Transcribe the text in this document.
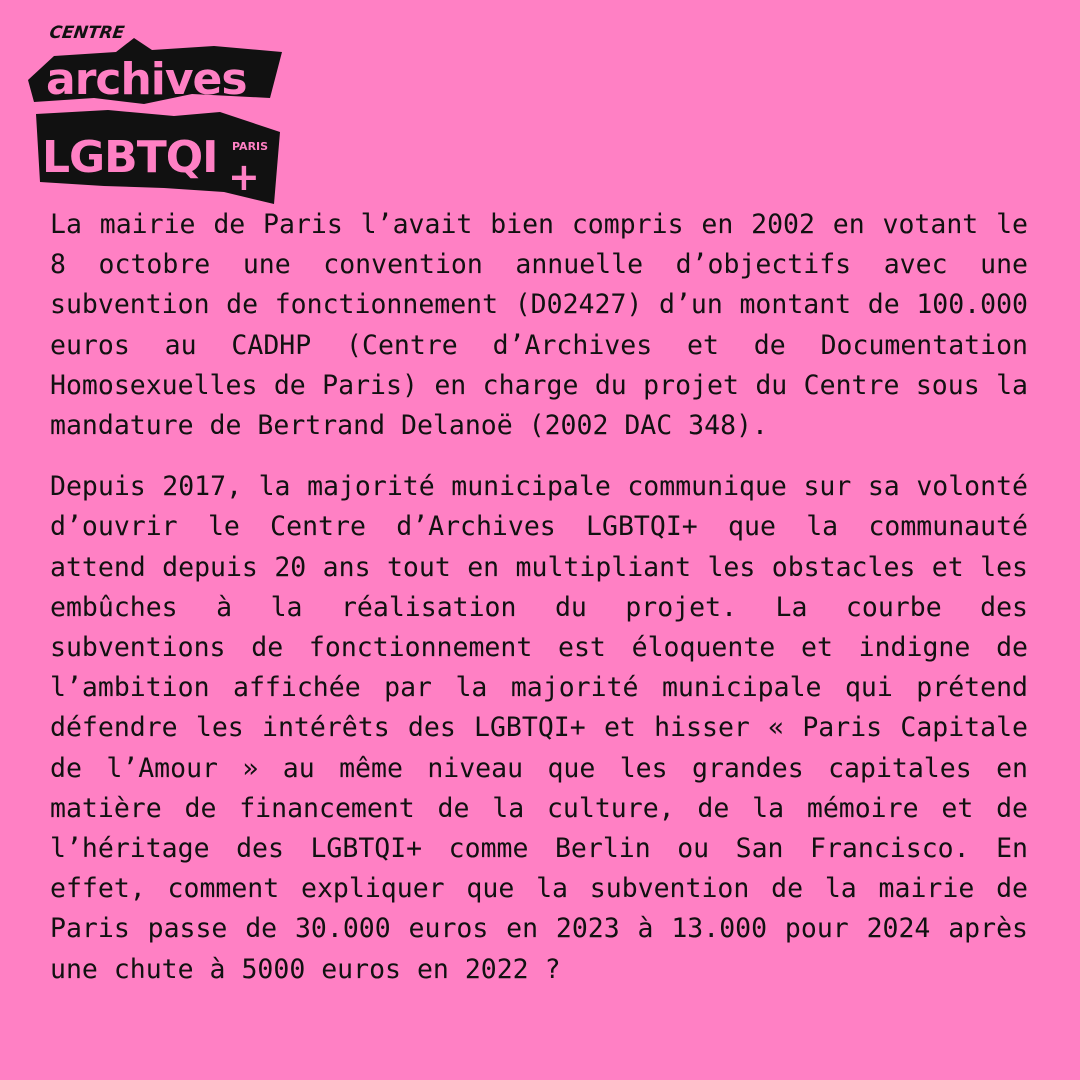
CENTRE
archives
LGBTQI PARIS
+

La mairie de Paris l’avait bien compris en 2002 en votant le 8 octobre une convention annuelle d’objectifs avec une subvention de fonctionnement (D02427) d’un montant de 100.000 euros au CADHP (Centre d’Archives et de Documentation Homosexuelles de Paris) en charge du projet du Centre sous la mandature de Bertrand Delanoë (2002 DAC 348).

Depuis 2017, la majorité municipale communique sur sa volonté d’ouvrir le Centre d’Archives LGBTQI+ que la communauté attend depuis 20 ans tout en multipliant les obstacles et les embûches à la réalisation du projet. La courbe des subventions de fonctionnement est éloquente et indigne de l’ambition affichée par la majorité municipale qui prétend défendre les intérêts des LGBTQI+ et hisser « Paris Capitale de l’Amour » au même niveau que les grandes capitales en matière de financement de la culture, de la mémoire et de l’héritage des LGBTQI+ comme Berlin ou San Francisco. En effet, comment expliquer que la subvention de la mairie de Paris passe de 30.000 euros en 2023 à 13.000 pour 2024 après une chute à 5000 euros en 2022 ?
